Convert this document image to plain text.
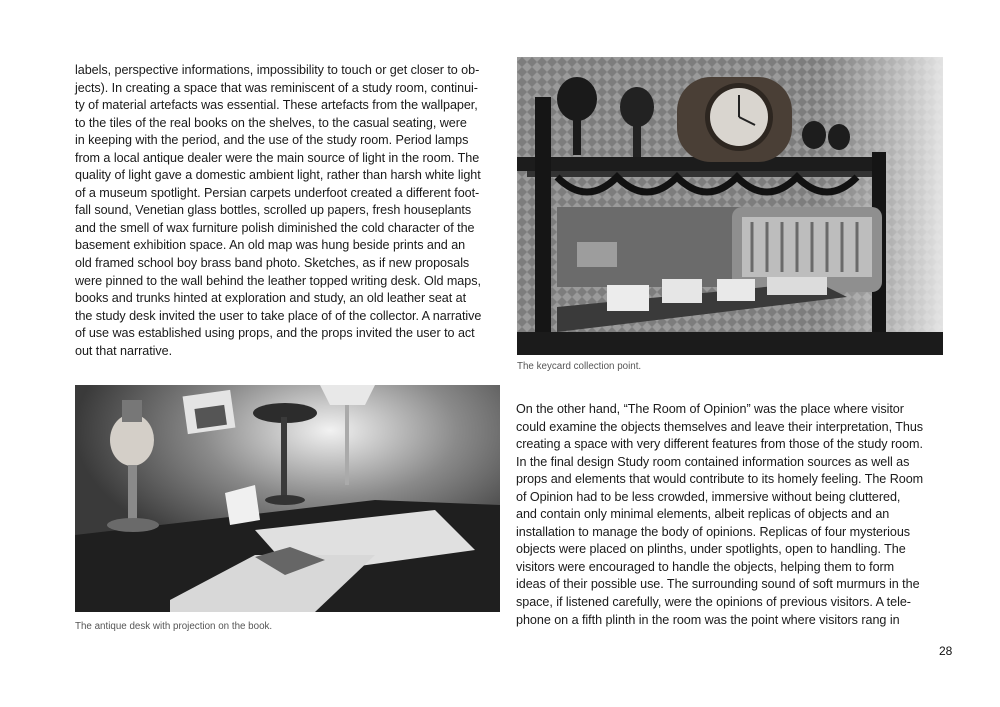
labels, perspective informations, impossibility to touch or get closer to ob-
jects). In creating a space that was reminiscent of a study room, continui-
ty of material artefacts was essential. These artefacts from the wallpaper,
to the tiles of the real books on the shelves, to the casual seating, were
in keeping with the period, and the use of the study room. Period lamps
from a local antique dealer were the main source of light in the room. The
quality of light gave a domestic ambient light, rather than harsh white light
of a museum spotlight. Persian carpets underfoot created a different foot-
fall sound, Venetian glass bottles, scrolled up papers, fresh houseplants
and the smell of wax furniture polish diminished the cold character of the
basement exhibition space. An old map was hung beside prints and an
old framed school boy brass band photo. Sketches, as if new proposals
were pinned to the wall behind the leather topped writing desk. Old maps,
books and trunks hinted at exploration and study, an old leather seat at
the study desk invited the user to take place of of the collector. A narrative
of use was established using props, and the props invited the user to act
out that narrative.

On the other hand, “The Room of Opinion” was the place where visitor
could examine the objects themselves and leave their interpretation, Thus
creating a space with very different features from those of the study room.
In the final design Study room contained information sources as well as
props and elements that would contribute to its homely feeling. The Room
of Opinion had to be less crowded, immersive without being cluttered,
and contain only minimal elements, albeit replicas of objects and an
installation to manage the body of opinions. Replicas of four mysterious
objects were placed on plinths, under spotlights, open to handling. The
visitors were encouraged to handle the objects, helping them to form
ideas of their possible use. The surrounding sound of soft murmurs in the
space, if listened carefully, were the opinions of previous visitors. A tele-
phone on a fifth plinth in the room was the point where visitors rang in

The keycard collection point.
The antique desk with projection on the book.
28
